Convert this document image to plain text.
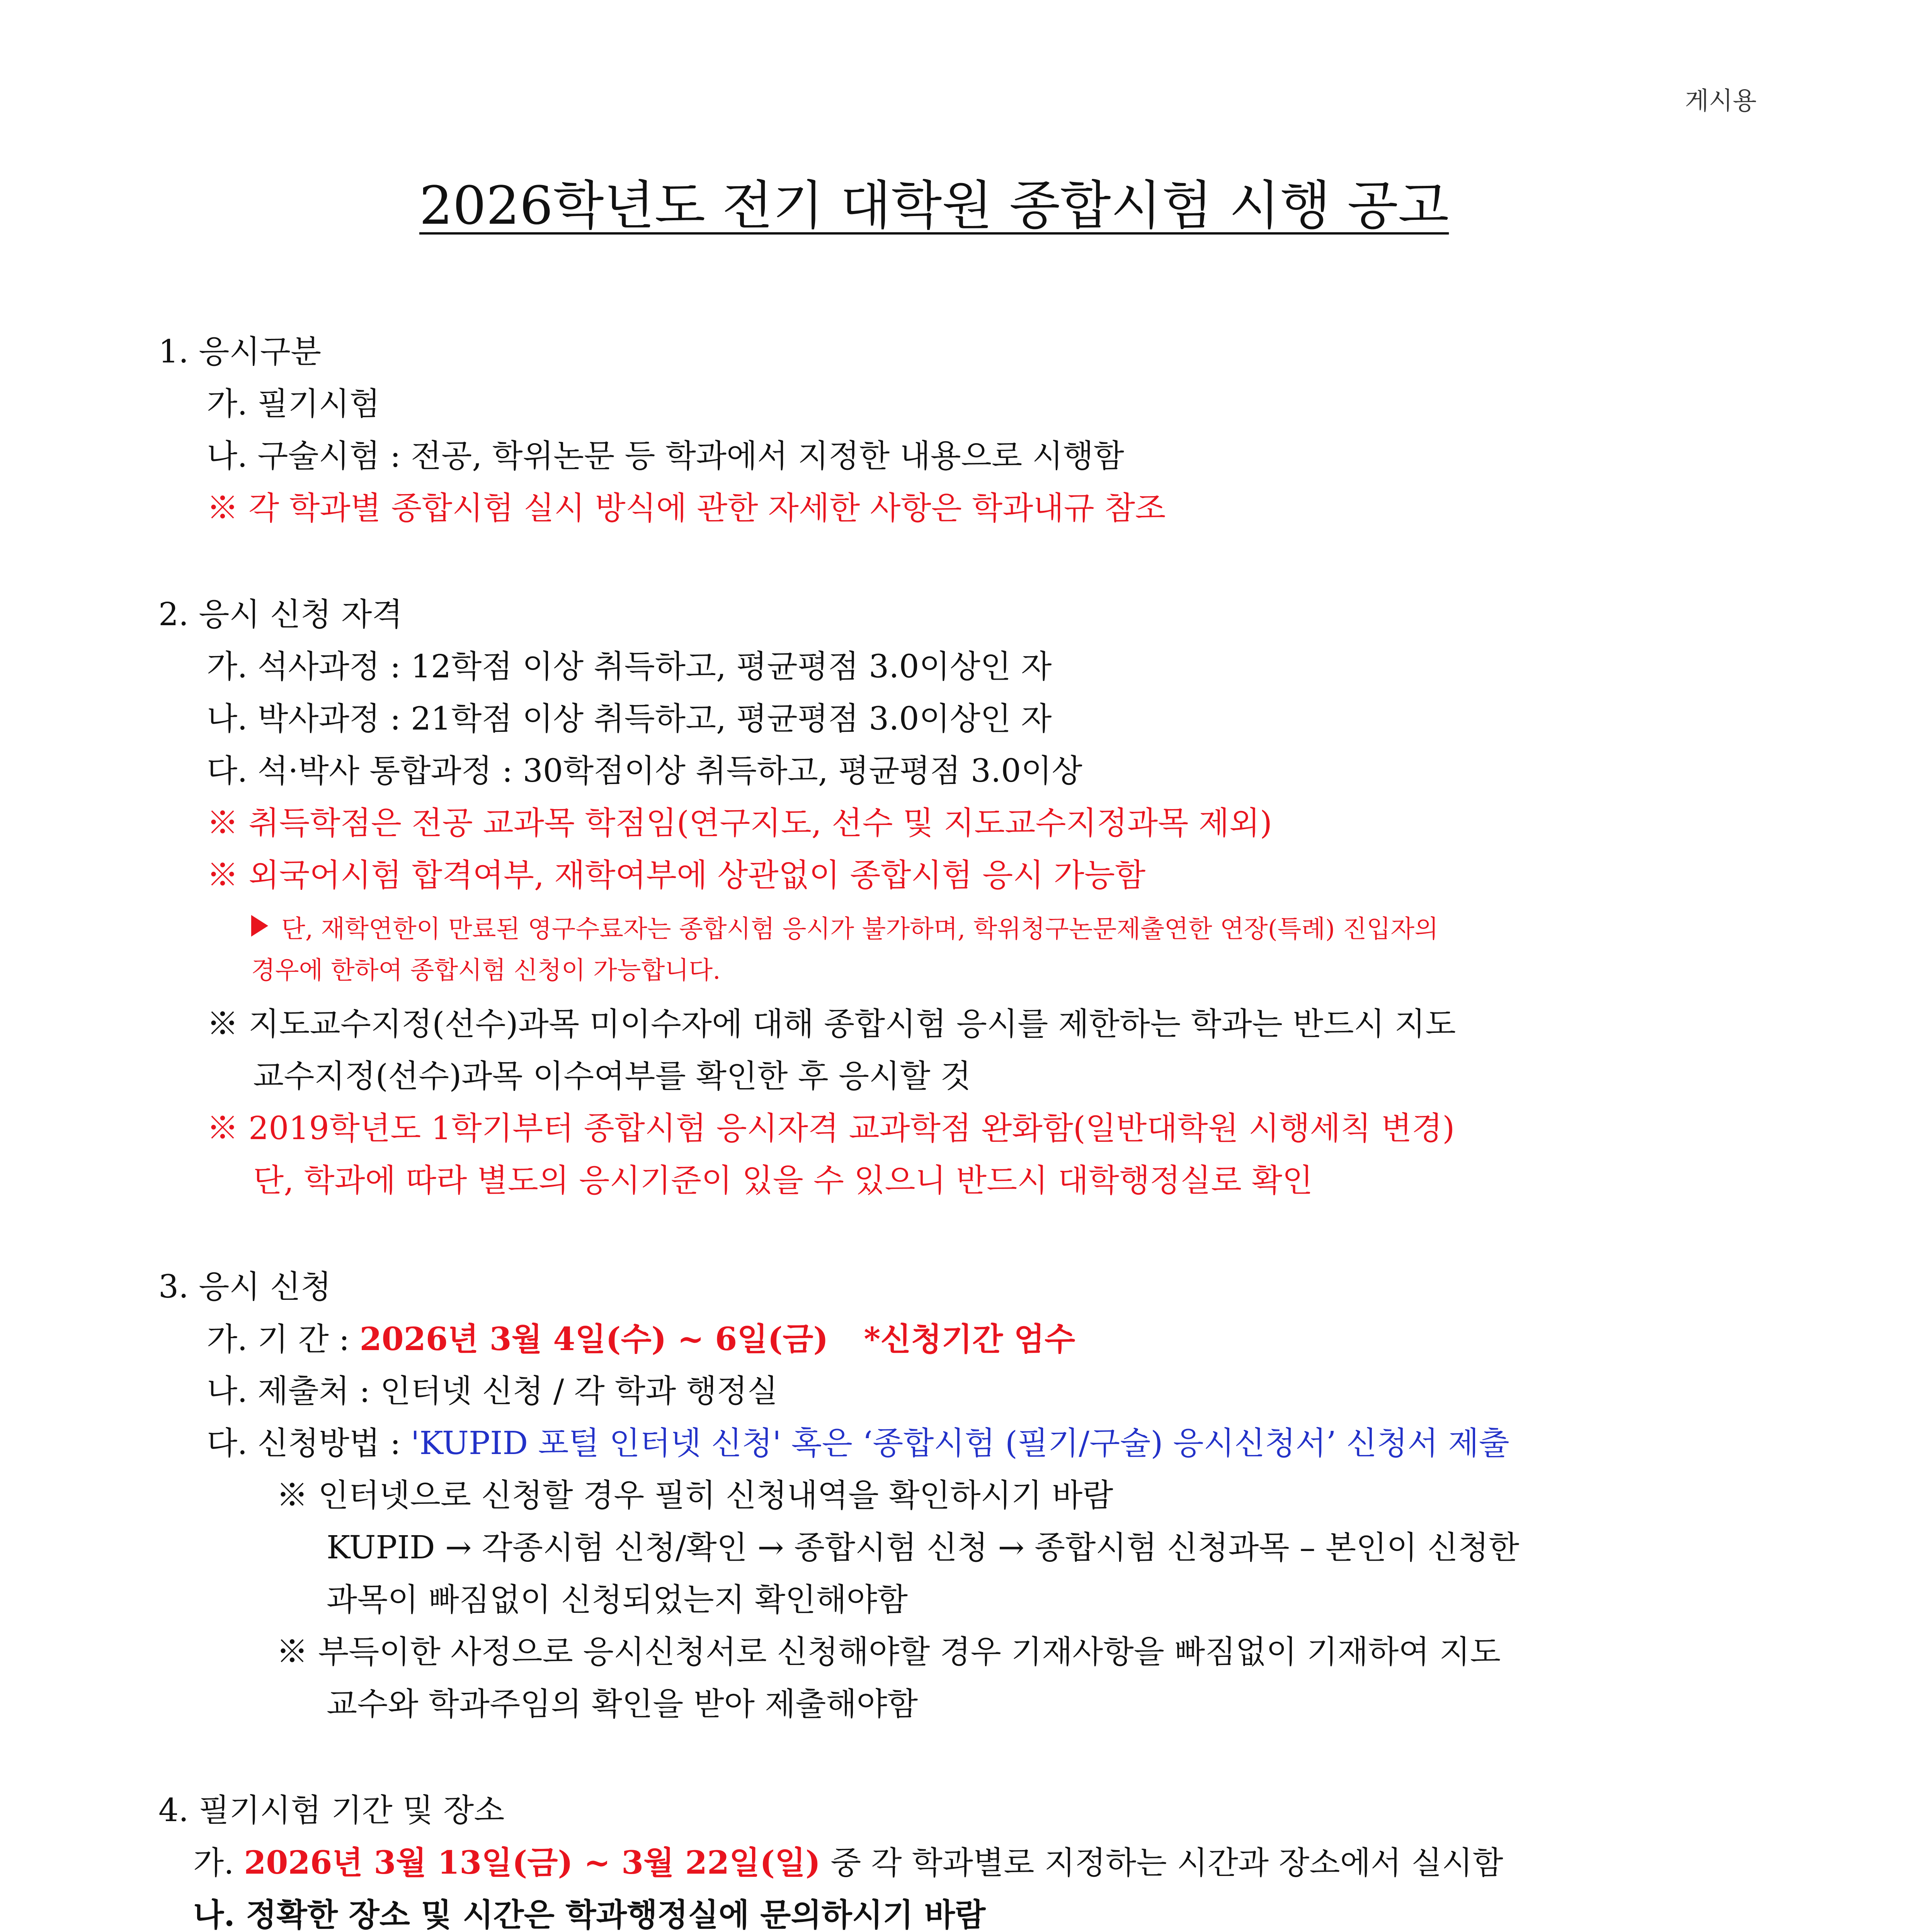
게시용
2026학년도 전기 대학원 종합시험 시행 공고
1. 응시구분
가. 필기시험
나. 구술시험 : 전공, 학위논문 등 학과에서 지정한 내용으로 시행함
※ 각 학과별 종합시험 실시 방식에 관한 자세한 사항은 학과내규 참조
2. 응시 신청 자격
가. 석사과정 : 12학점 이상 취득하고, 평균평점 3.0이상인 자
나. 박사과정 : 21학점 이상 취득하고, 평균평점 3.0이상인 자
다. 석·박사 통합과정 : 30학점이상 취득하고, 평균평점 3.0이상
※ 취득학점은 전공 교과목 학점임(연구지도, 선수 및 지도교수지정과목 제외)
※ 외국어시험 합격여부, 재학여부에 상관없이 종합시험 응시 가능함
단, 재학연한이 만료된 영구수료자는 종합시험 응시가 불가하며, 학위청구논문제출연한 연장(특례) 진입자의
경우에 한하여 종합시험 신청이 가능합니다.
※ 지도교수지정(선수)과목 미이수자에 대해 종합시험 응시를 제한하는 학과는 반드시 지도
교수지정(선수)과목 이수여부를 확인한 후 응시할 것
※ 2019학년도 1학기부터 종합시험 응시자격 교과학점 완화함(일반대학원 시행세칙 변경)
단, 학과에 따라 별도의 응시기준이 있을 수 있으니 반드시 대학행정실로 확인
3. 응시 신청
가. 기 간 : 2026년 3월 4일(수) ~ 6일(금) *신청기간 엄수
나. 제출처 : 인터넷 신청 / 각 학과 행정실
다. 신청방법 : 'KUPID 포털 인터넷 신청' 혹은 ‘종합시험 (필기/구술) 응시신청서’ 신청서 제출
※ 인터넷으로 신청할 경우 필히 신청내역을 확인하시기 바람
KUPID → 각종시험 신청/확인 → 종합시험 신청 → 종합시험 신청과목 – 본인이 신청한
과목이 빠짐없이 신청되었는지 확인해야함
※ 부득이한 사정으로 응시신청서로 신청해야할 경우 기재사항을 빠짐없이 기재하여 지도
교수와 학과주임의 확인을 받아 제출해야함
4. 필기시험 기간 및 장소
가. 2026년 3월 13일(금) ~ 3월 22일(일) 중 각 학과별로 지정하는 시간과 장소에서 실시함
나. 정확한 장소 및 시간은 학과행정실에 문의하시기 바람
